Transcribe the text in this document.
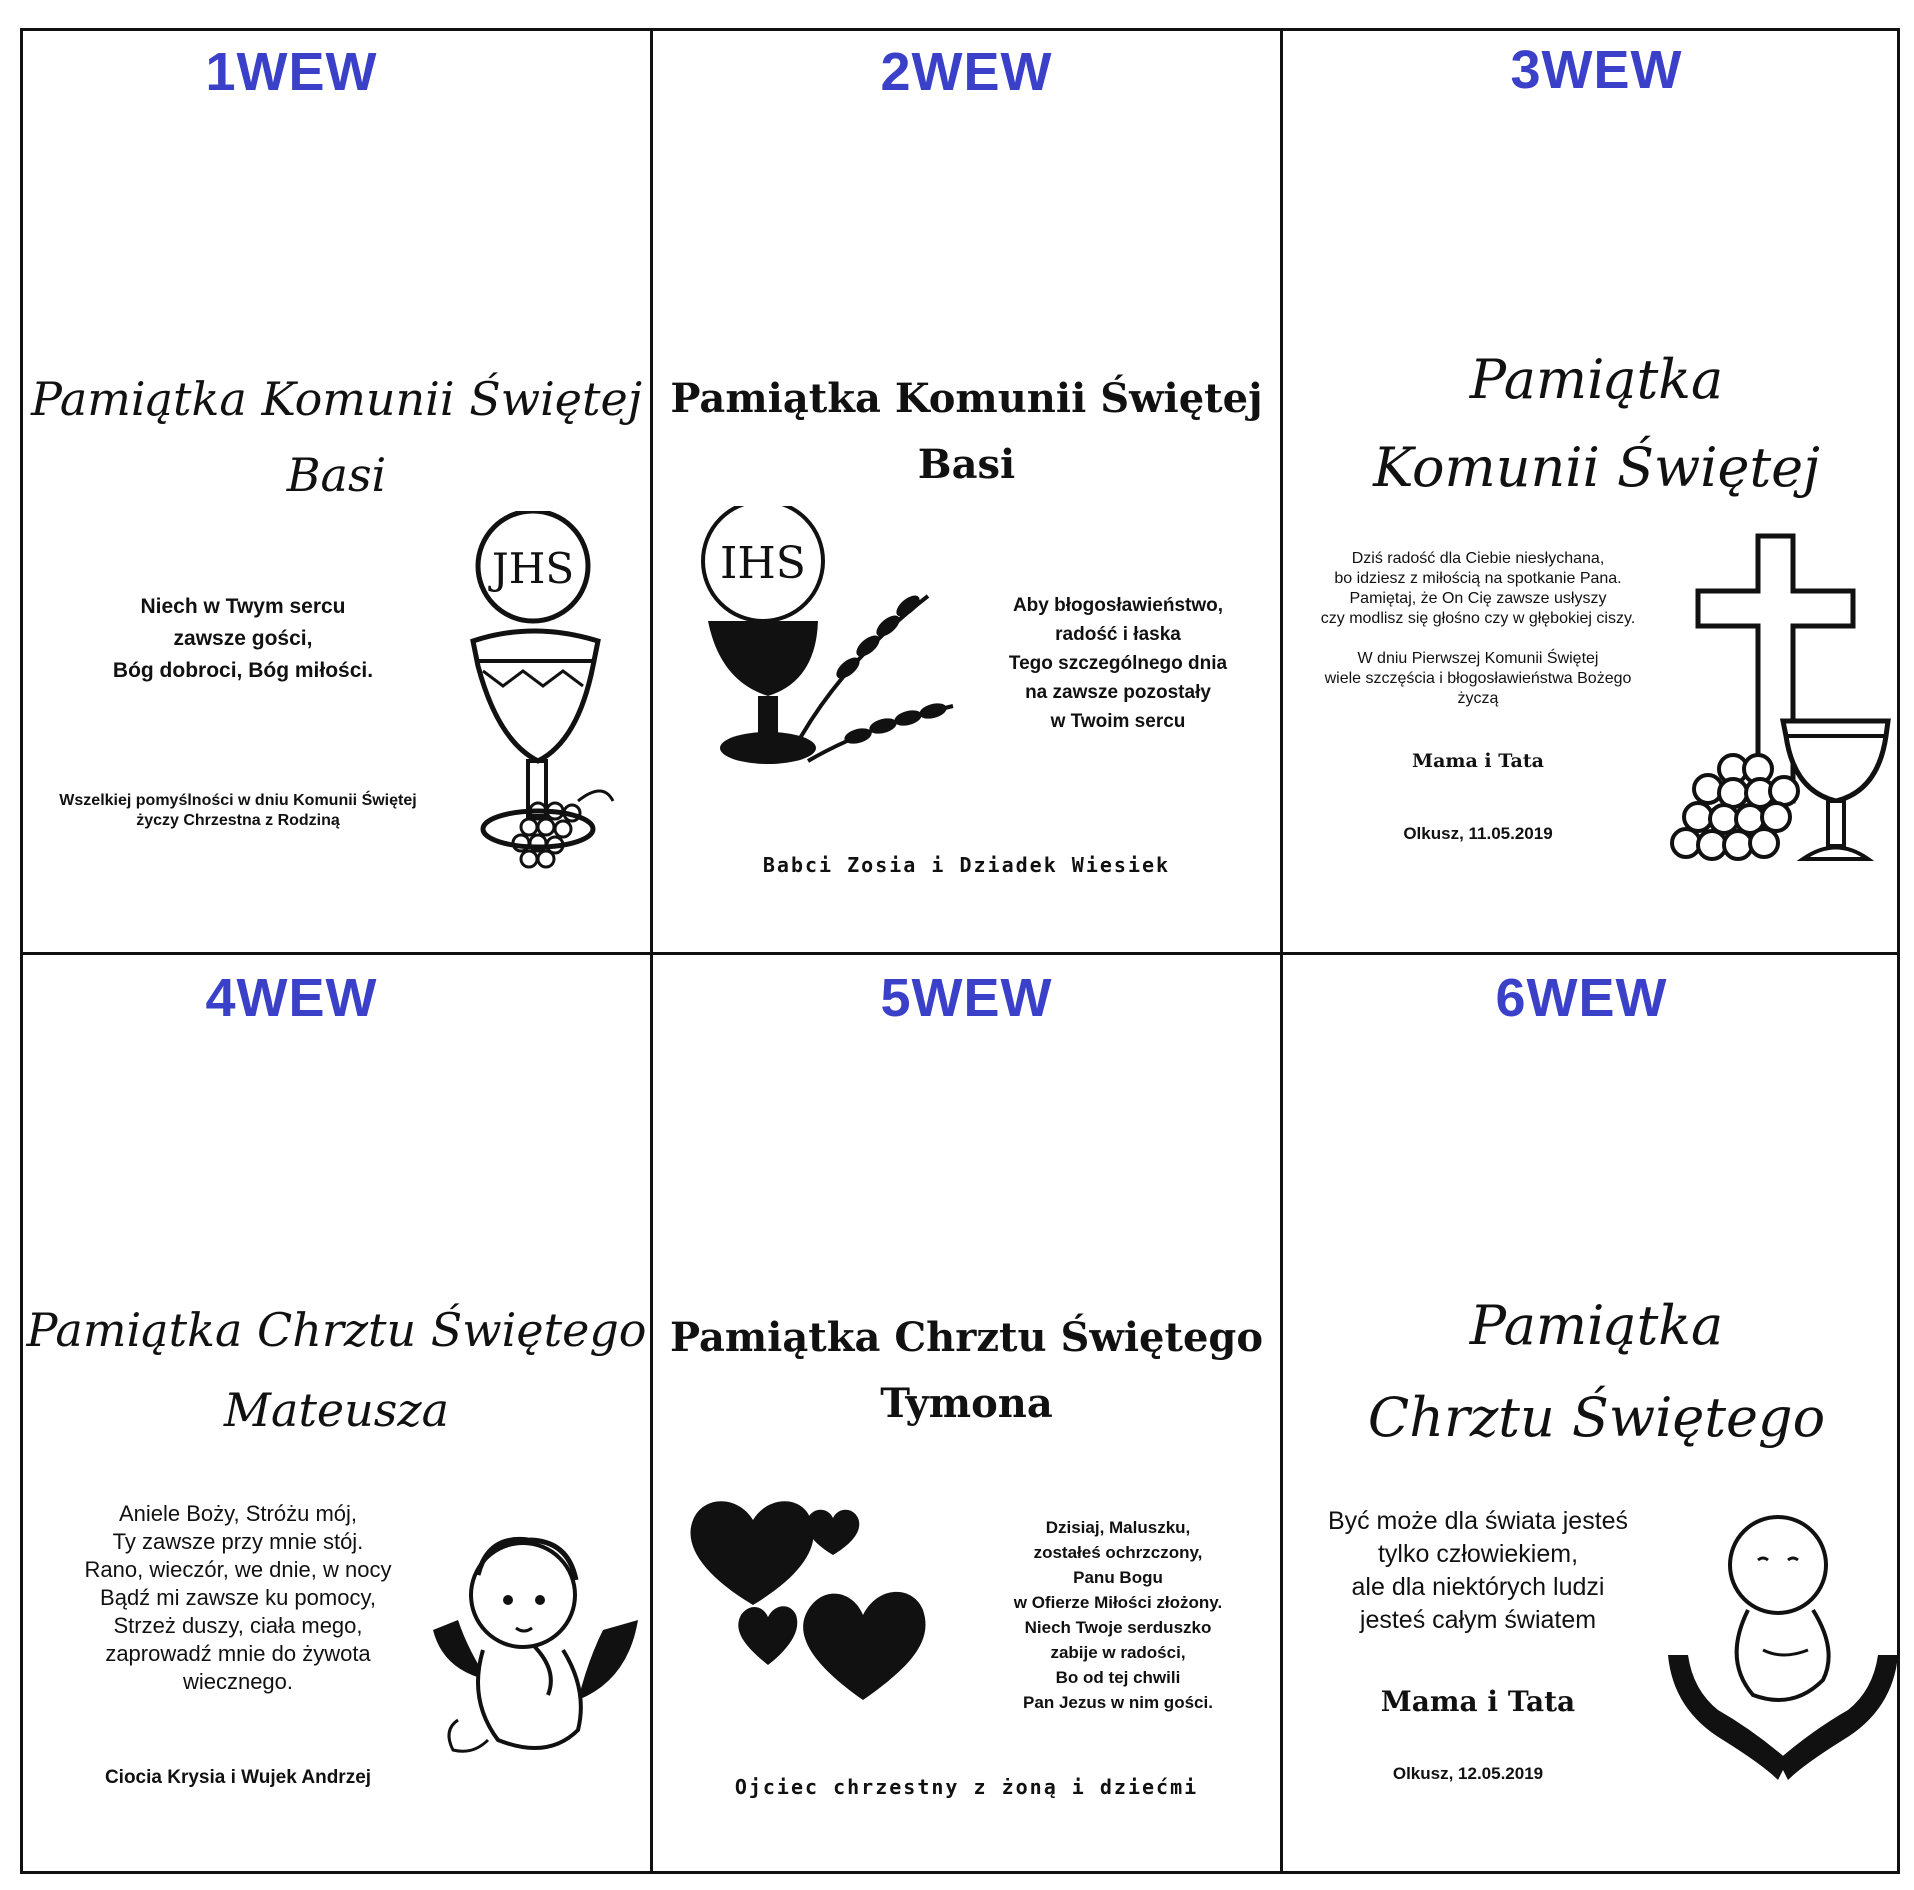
1WEW
Pamiątka Komunii Świętej
Basi
Niech w Twym sercu
zawsze gości,
Bóg dobroci, Bóg miłości.
JHS
Wszelkiej pomyślności w dniu Komunii Świętej
życzy Chrzestna z Rodziną
2WEW
Pamiątka Komunii Świętej
Basi
IHS
Aby błogosławieństwo,
radość i łaska
Tego szczególnego dnia
na zawsze pozostały
w Twoim sercu
Babci Zosia i Dziadek Wiesiek
3WEW
Pamiątka
Komunii Świętej
Dziś radość dla Ciebie niesłychana,
bo idziesz z miłością na spotkanie Pana.
Pamiętaj, że On Cię zawsze usłyszy
czy modlisz się głośno czy w głębokiej ciszy.
W dniu Pierwszej Komunii Świętej
wiele szczęścia i błogosławieństwa Bożego
życzą
Mama i Tata
Olkusz, 11.05.2019
4WEW
Pamiątka Chrztu Świętego
Mateusza
Aniele Boży, Stróżu mój,
Ty zawsze przy mnie stój.
Rano, wieczór, we dnie, w nocy
Bądź mi zawsze ku pomocy,
Strzeż duszy, ciała mego,
zaprowadź mnie do żywota
wiecznego.
Ciocia Krysia i Wujek Andrzej
5WEW
Pamiątka Chrztu Świętego
Tymona
Dzisiaj, Maluszku,
zostałeś ochrzczony,
Panu Bogu
w Ofierze Miłości złożony.
Niech Twoje serduszko
zabije w radości,
Bo od tej chwili
Pan Jezus w nim gości.
Ojciec chrzestny z żoną i dziećmi
6WEW
Pamiątka
Chrztu Świętego
Być może dla świata jesteś
tylko człowiekiem,
ale dla niektórych ludzi
jesteś całym światem
Mama i Tata
Olkusz, 12.05.2019
